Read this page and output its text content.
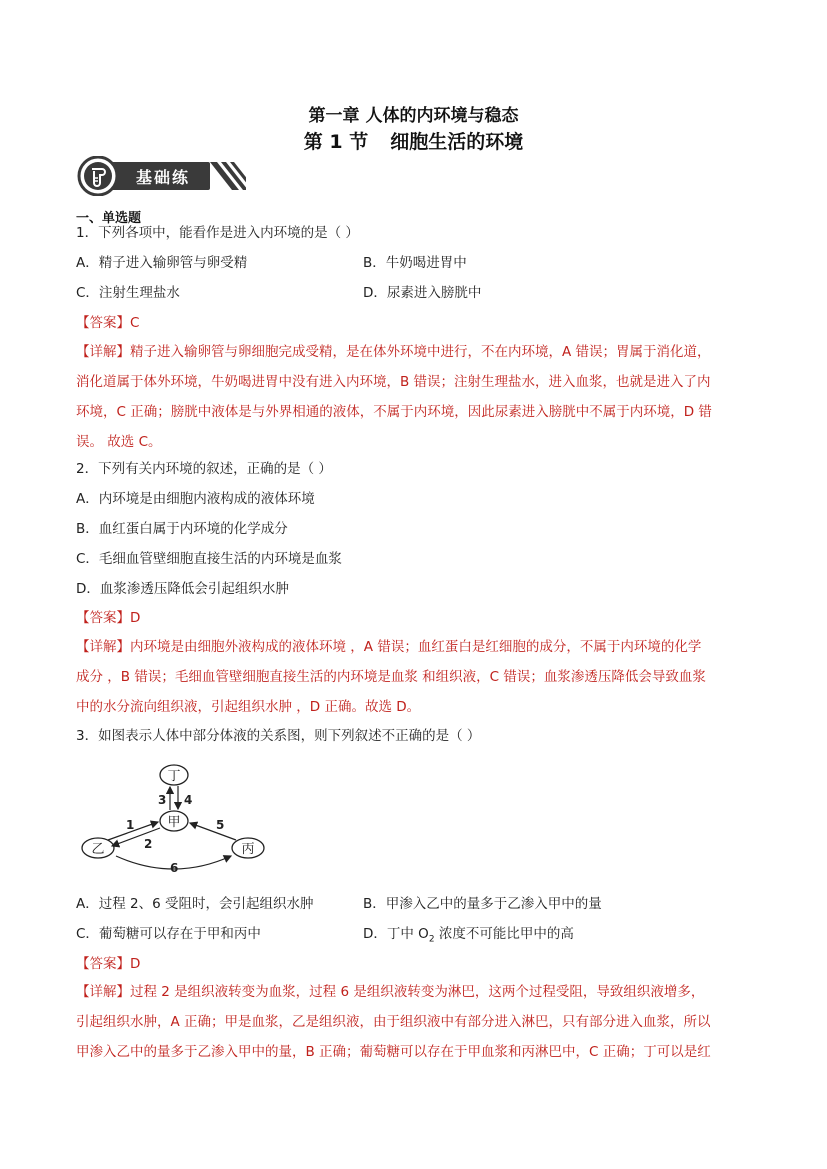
第一章 人体的内环境与稳态
第 1 节 细胞生活的环境
基础练
一、单选题
1．下列各项中，能看作是进入内环境的是（ ）
A．精子进入输卵管与卵受精	B．牛奶喝进胃中
C．注射生理盐水	D．尿素进入膀胱中
【答案】C
【详解】精子进入输卵管与卵细胞完成受精，是在体外环境中进行，不在内环境，A 错误；胃属于消化道，
消化道属于体外环境，牛奶喝进胃中没有进入内环境，B 错误；注射生理盐水，进入血浆，也就是进入了内
环境，C 正确；膀胱中液体是与外界相通的液体，不属于内环境，因此尿素进入膀胱中不属于内环境，D 错
误。 故选 C。
2．下列有关内环境的叙述，正确的是（ ）
A．内环境是由细胞内液构成的液体环境
B．血红蛋白属于内环境的化学成分
C．毛细血管壁细胞直接生活的内环境是血浆
D．血浆渗透压降低会引起组织水肿
【答案】D
【详解】内环境是由细胞外液构成的液体环境 ，A 错误；血红蛋白是红细胞的成分，不属于内环境的化学
成分 ，B 错误；毛细血管壁细胞直接生活的内环境是血浆 和组织液，C 错误；血浆渗透压降低会导致血浆
中的水分流向组织液，引起组织水肿 ，D 正确。故选 D。
3．如图表示人体中部分体液的关系图，则下列叙述不正确的是（ ）
丁
甲
乙	丙
3 4
1
2
5
6
A．过程 2、6 受阻时，会引起组织水肿	B．甲渗入乙中的量多于乙渗入甲中的量
C．葡萄糖可以存在于甲和丙中	D．丁中 $O_2$ 浓度不可能比甲中的高
【答案】D
【详解】过程 2 是组织液转变为血浆，过程 6 是组织液转变为淋巴，这两个过程受阻，导致组织液增多，
引起组织水肿，A 正确；甲是血浆，乙是组织液，由于组织液中有部分进入淋巴，只有部分进入血浆，所以
甲渗入乙中的量多于乙渗入甲中的量，B 正确；葡萄糖可以存在于甲血浆和丙淋巴中，C 正确；丁可以是红
